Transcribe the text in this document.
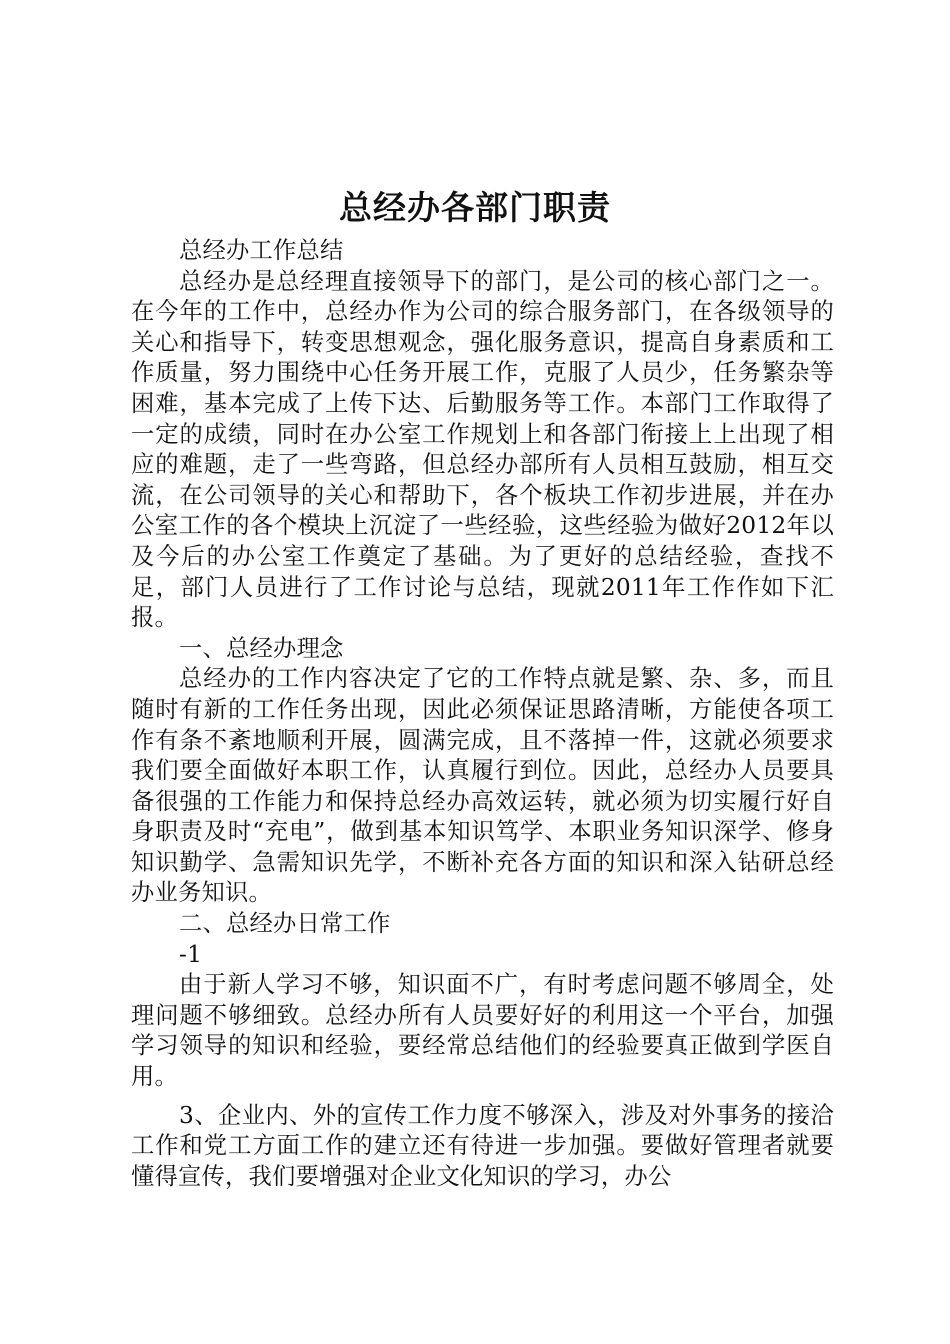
总经办各部门职责

总经办工作总结

总经办是总经理直接领导下的部门，是公司的核心部门之一。在今年的工作中，总经办作为公司的综合服务部门，在各级领导的关心和指导下，转变思想观念，强化服务意识，提高自身素质和工作质量，努力围绕中心任务开展工作，克服了人员少，任务繁杂等困难，基本完成了上传下达、后勤服务等工作。本部门工作取得了一定的成绩，同时在办公室工作规划上和各部门衔接上上出现了相应的难题，走了一些弯路，但总经办部所有人员相互鼓励，相互交流，在公司领导的关心和帮助下，各个板块工作初步进展，并在办公室工作的各个模块上沉淀了一些经验，这些经验为做好2012年以及今后的办公室工作奠定了基础。为了更好的总结经验，查找不足，部门人员进行了工作讨论与总结，现就2011年工作作如下汇报。

一、总经办理念

总经办的工作内容决定了它的工作特点就是繁、杂、多，而且随时有新的工作任务出现，因此必须保证思路清晰，方能使各项工作有条不紊地顺利开展，圆满完成，且不落掉一件，这就必须要求我们要全面做好本职工作，认真履行到位。因此，总经办人员要具备很强的工作能力和保持总经办高效运转，就必须为切实履行好自身职责及时“充电”，做到基本知识笃学、本职业务知识深学、修身知识勤学、急需知识先学，不断补充各方面的知识和深入钻研总经办业务知识。

二、总经办日常工作

-1

由于新人学习不够，知识面不广，有时考虑问题不够周全，处理问题不够细致。总经办所有人员要好好的利用这一个平台，加强学习领导的知识和经验，要经常总结他们的经验要真正做到学医自用。

3、企业内、外的宣传工作力度不够深入，涉及对外事务的接洽工作和党工方面工作的建立还有待进一步加强。要做好管理者就要懂得宣传，我们要增强对企业文化知识的学习，办公
